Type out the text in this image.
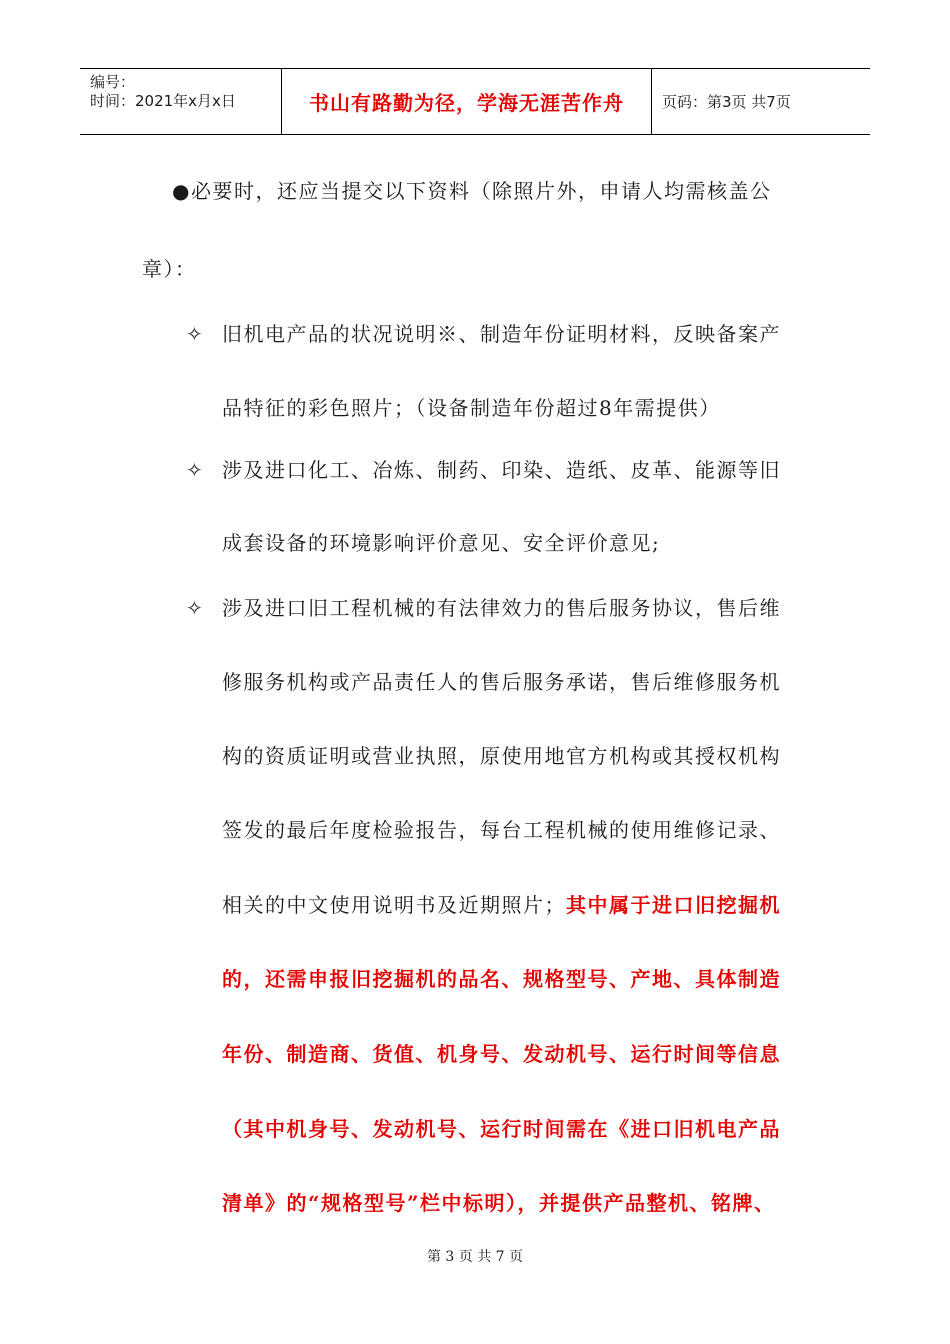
编号：
时间：2021年x月x日	书山有路勤为径，学海无涯苦作舟	页码：第3页 共7页
●必要时，还应当提交以下资料（除照片外，申请人均需核盖公
章）：
✧ 旧机电产品的状况说明※、制造年份证明材料，反映备案产
品特征的彩色照片；（设备制造年份超过8年需提供）
✧ 涉及进口化工、冶炼、制药、印染、造纸、皮革、能源等旧
成套设备的环境影响评价意见、安全评价意见;
✧ 涉及进口旧工程机械的有法律效力的售后服务协议，售后维
修服务机构或产品责任人的售后服务承诺，售后维修服务机
构的资质证明或营业执照，原使用地官方机构或其授权机构
签发的最后年度检验报告，每台工程机械的使用维修记录、
相关的中文使用说明书及近期照片；其中属于进口旧挖掘机
的，还需申报旧挖掘机的品名、规格型号、产地、具体制造
年份、制造商、货值、机身号、发动机号、运行时间等信息
（其中机身号、发动机号、运行时间需在《进口旧机电产品
清单》的“规格型号”栏中标明），并提供产品整机、铭牌、
第 3 页 共 7 页
